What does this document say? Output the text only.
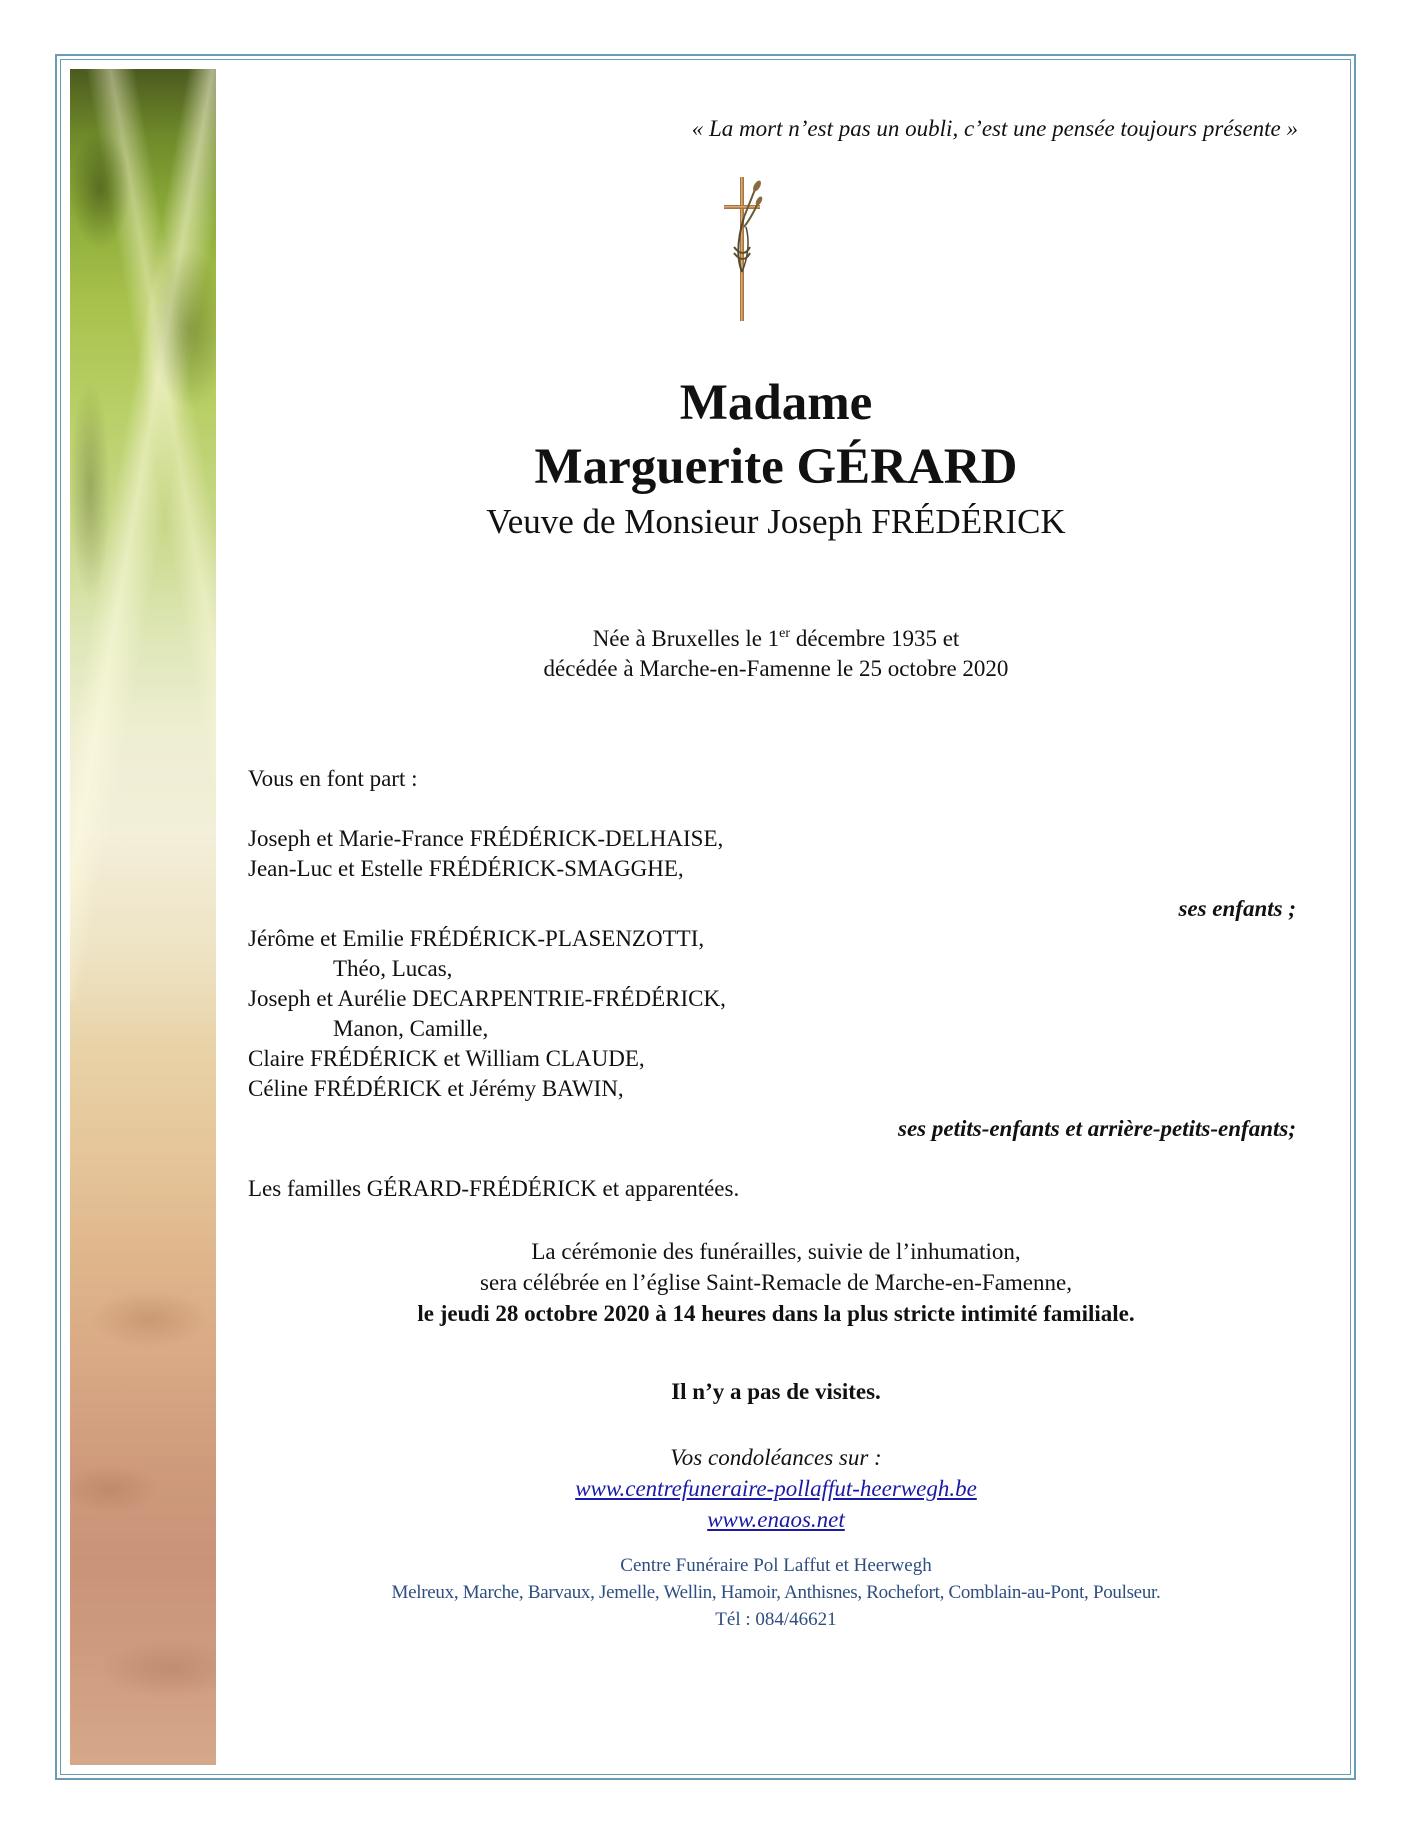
« La mort n’est pas un oubli, c’est une pensée toujours présente »
Madame
Marguerite GÉRARD
Veuve de Monsieur Joseph FRÉDÉRICK
Née à Bruxelles le 1er décembre 1935 et
décédée à Marche-en-Famenne le 25 octobre 2020
Vous en font part :
Joseph et Marie-France FRÉDÉRICK-DELHAISE,
Jean-Luc et Estelle FRÉDÉRICK-SMAGGHE,
ses enfants ;
Jérôme et Emilie FRÉDÉRICK-PLASENZOTTI,
Théo, Lucas,
Joseph et Aurélie DECARPENTRIE-FRÉDÉRICK,
Manon, Camille,
Claire FRÉDÉRICK et William CLAUDE,
Céline FRÉDÉRICK et Jérémy BAWIN,
ses petits-enfants et arrière-petits-enfants;
Les familles GÉRARD-FRÉDÉRICK et apparentées.
La cérémonie des funérailles, suivie de l’inhumation,
sera célébrée en l’église Saint-Remacle de Marche-en-Famenne,
le jeudi 28 octobre 2020 à 14 heures dans la plus stricte intimité familiale.
Il n’y a pas de visites.
Vos condoléances sur :
www.centrefuneraire-pollaffut-heerwegh.be
www.enaos.net
Centre Funéraire Pol Laffut et Heerwegh
Melreux, Marche, Barvaux, Jemelle, Wellin, Hamoir, Anthisnes, Rochefort, Comblain-au-Pont, Poulseur.
Tél : 084/46621
